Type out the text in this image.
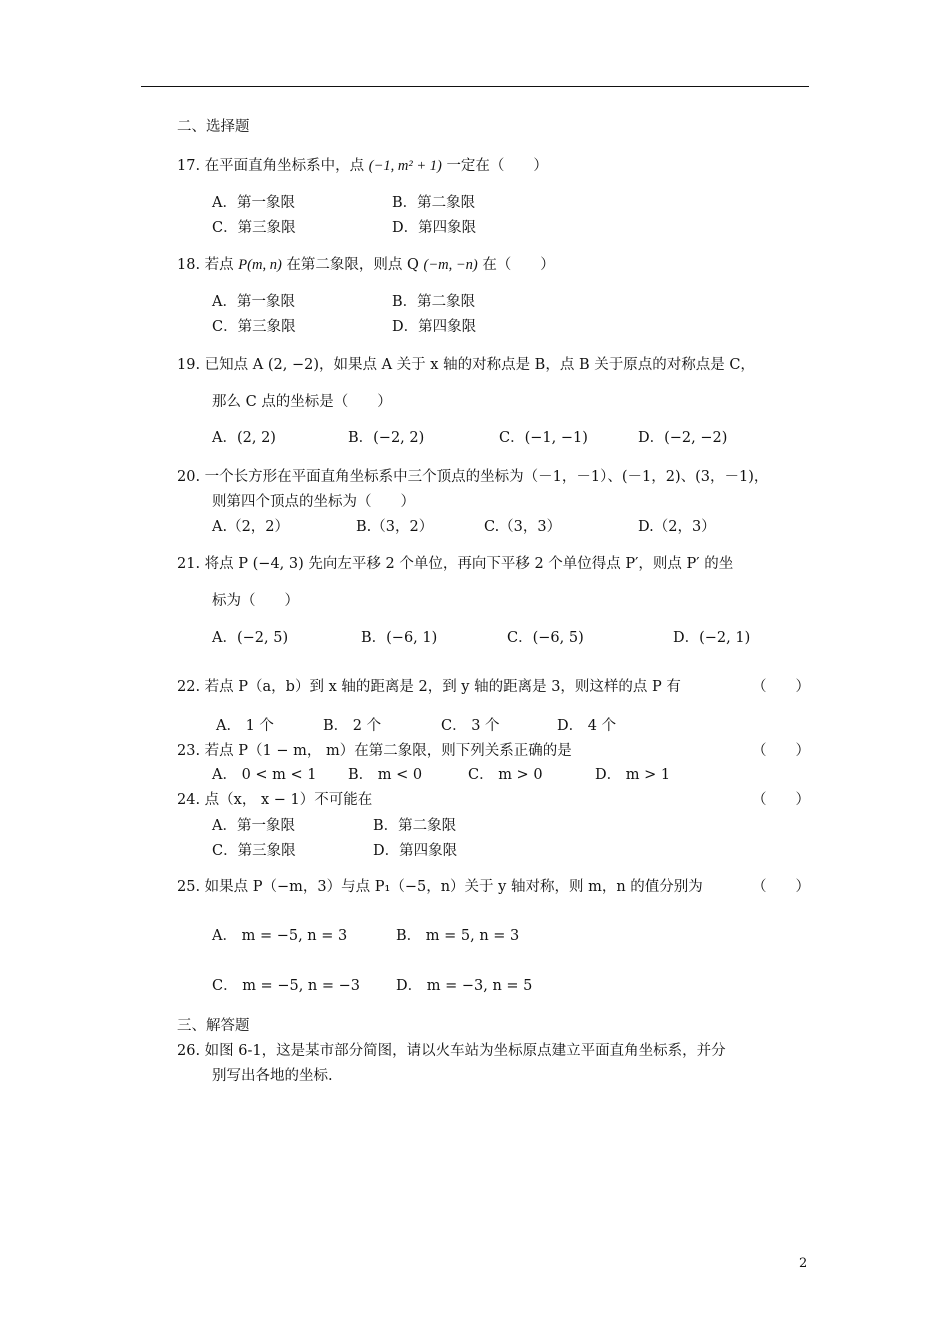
二、选择题
17. 在平面直角坐标系中，点 (−1, m² + 1) 一定在（　　）
A．第一象限	B．第二象限
C．第三象限	D．第四象限
18. 若点 P(m, n) 在第二象限，则点 Q (−m, −n) 在（　　）
A．第一象限	B．第二象限
C．第三象限	D．第四象限
19. 已知点 A (2, −2)，如果点 A 关于 x 轴的对称点是 B，点 B 关于原点的对称点是 C，
那么 C 点的坐标是（　　）
A．(2, 2)	B．(−2, 2)	C．(−1, −1)	D．(−2, −2)
20. 一个长方形在平面直角坐标系中三个顶点的坐标为（－1，－1）、(－1，2)、(3，－1)，
则第四个顶点的坐标为（　　）
A.（2，2）	B.（3，2）	C.（3，3）	D.（2，3）
21. 将点 P (−4, 3) 先向左平移 2 个单位，再向下平移 2 个单位得点 P′，则点 P′ 的坐
标为（　　）
A．(−2, 5)	B．(−6, 1)	C．(−6, 5)	D．(−2, 1)
22. 若点 P（a，b）到 x 轴的距离是 2，到 y 轴的距离是 3，则这样的点 P 有	（　　）
A． 1 个	B． 2 个	C． 3 个	D． 4 个
23. 若点 P（1 − m， m）在第二象限，则下列关系正确的是	（　　）
A． 0 < m < 1 B． m < 0	C． m > 0	D． m > 1
24. 点（x， x − 1）不可能在	（　　）
A．第一象限	B．第二象限
C．第三象限	D．第四象限
25. 如果点 P（−m，3）与点 P₁（−5，n）关于 y 轴对称，则 m，n 的值分别为	（　　）
A． m = −5, n = 3	B． m = 5, n = 3
C． m = −5, n = −3 D． m = −3, n = 5
三、解答题
26. 如图 6-1，这是某市部分简图，请以火车站为坐标原点建立平面直角坐标系，并分
别写出各地的坐标.
2
